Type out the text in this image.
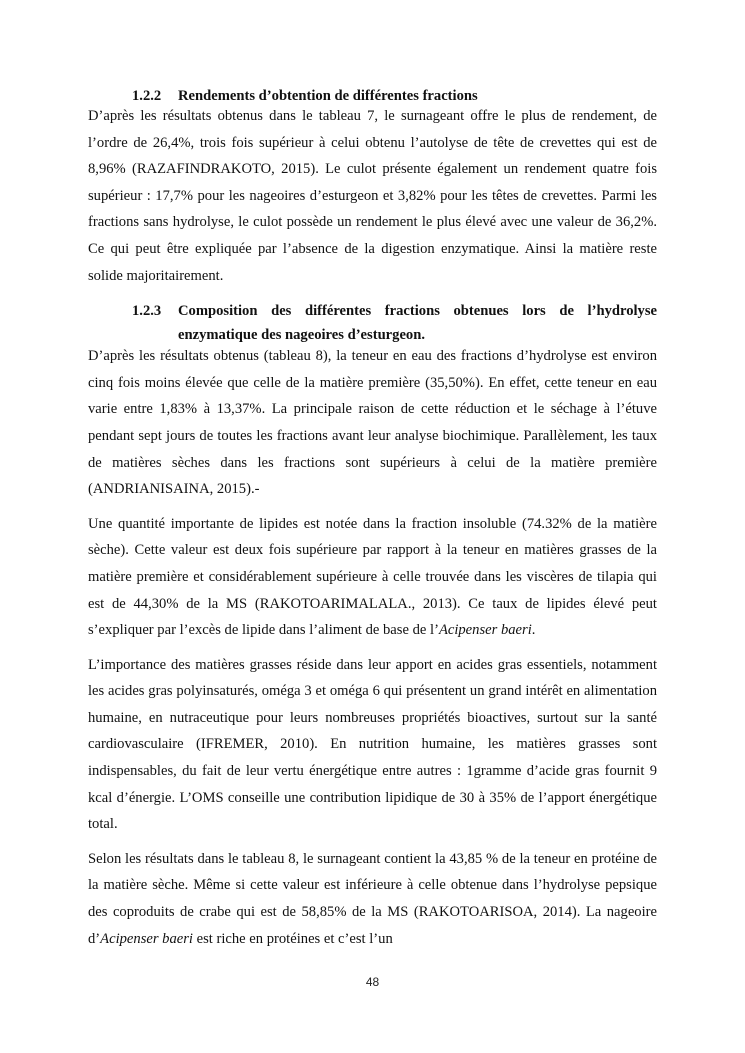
1.2.2	Rendements d’obtention de différentes fractions

D’après les résultats obtenus dans le tableau 7, le surnageant offre le plus de rendement, de l’ordre de 26,4%, trois fois supérieur à celui obtenu l’autolyse de tête de crevettes qui est de 8,96% (RAZAFINDRAKOTO, 2015). Le culot présente également un rendement quatre fois supérieur : 17,7% pour les nageoires d’esturgeon et 3,82% pour les têtes de crevettes. Parmi les fractions sans hydrolyse, le culot possède un rendement le plus élevé avec une valeur de 36,2%. Ce qui peut être expliquée par l’absence de la digestion enzymatique. Ainsi la matière reste solide majoritairement.

1.2.3	Composition des différentes fractions obtenues lors de l’hydrolyse enzymatique des nageoires d’esturgeon.

D’après les résultats obtenus (tableau 8), la teneur en eau des fractions d’hydrolyse est environ cinq fois moins élevée que celle de la matière première (35,50%). En effet, cette teneur en eau varie entre 1,83% à 13,37%. La principale raison de cette réduction et le séchage à l’étuve pendant sept jours de toutes les fractions avant leur analyse biochimique. Parallèlement, les taux de matières sèches dans les fractions sont supérieurs à celui de la matière première (ANDRIANISAINA, 2015).-

Une quantité importante de lipides est notée dans la fraction insoluble (74.32% de la matière sèche). Cette valeur est deux fois supérieure par rapport à la teneur en matières grasses de la matière première et considérablement supérieure à celle trouvée dans les viscères de tilapia qui est de 44,30% de la MS (RAKOTOARIMALALA., 2013). Ce taux de lipides élevé peut s’expliquer par l’excès de lipide dans l’aliment de base de l’Acipenser baeri.

L’importance des matières grasses réside dans leur apport en acides gras essentiels, notamment les acides gras polyinsaturés, oméga 3 et oméga 6 qui présentent un grand intérêt en alimentation humaine, en nutraceutique pour leurs nombreuses propriétés bioactives, surtout sur la santé cardiovasculaire (IFREMER, 2010). En nutrition humaine, les matières grasses sont indispensables, du fait de leur vertu énergétique entre autres : 1gramme d’acide gras fournit 9 kcal d’énergie. L’OMS conseille une contribution lipidique de 30 à 35% de l’apport énergétique total.

Selon les résultats dans le tableau 8, le surnageant contient la 43,85 % de la teneur en protéine de la matière sèche. Même si cette valeur est inférieure à celle obtenue dans l’hydrolyse pepsique des coproduits de crabe qui est de 58,85% de la MS (RAKOTOARISOA, 2014). La nageoire d’Acipenser baeri est riche en protéines et c’est l’un

48
